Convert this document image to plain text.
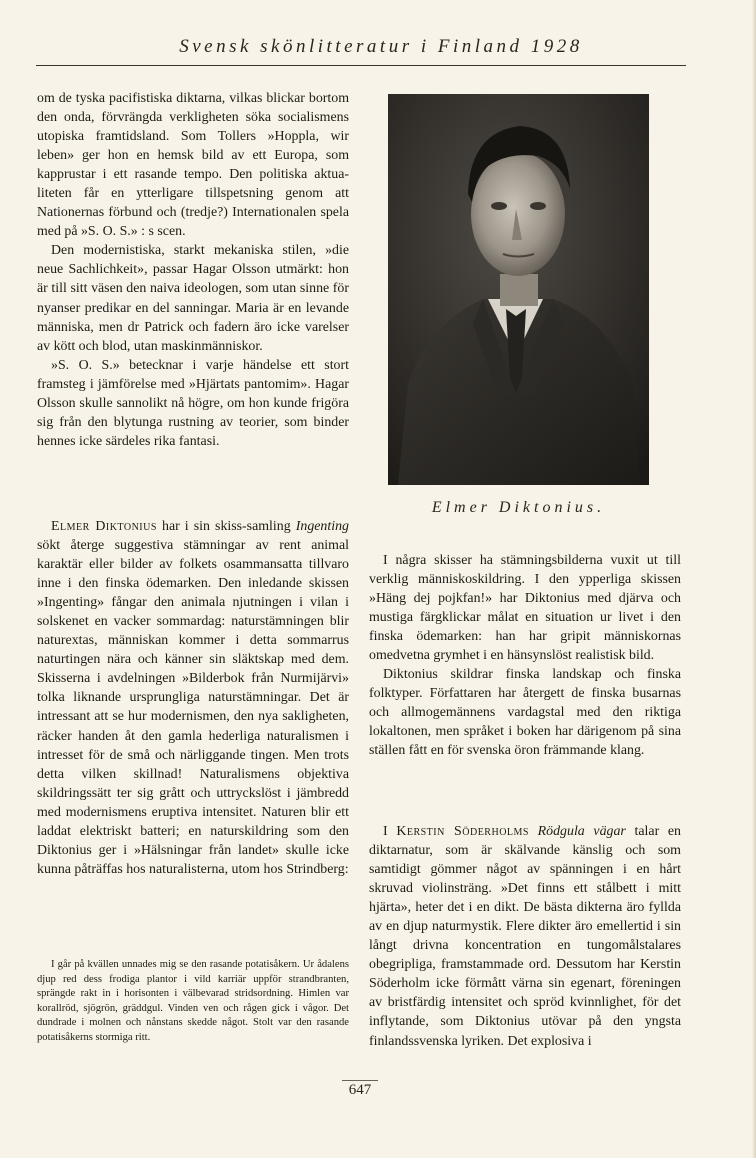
Svensk skönlitteratur i Finland 1928

om de tyska pacifistiska diktarna, vilkas blickar bortom den onda, förvrängda verkligheten söka socialismens utopiska framtidsland. Som Tollers »Hoppla, wir leben» ger hon en hemsk bild av ett Europa, som kapprustar i ett rasande tempo. Den politiska aktualiteten får en ytterligare tillspetsning genom att Nationernas förbund och (tredje?) Internationalen spela med på »S. O. S.» : s scen.

Den modernistiska, starkt mekaniska stilen, »die neue Sachlichkeit», passar Hagar Olsson utmärkt: hon är till sitt väsen den naiva ideologen, som utan sinne för nyanser predikar en del sanningar. Maria är en levande människa, men dr Patrick och fadern äro icke varelser av kött och blod, utan maskinmänniskor.

»S. O. S.» betecknar i varje händelse ett stort framsteg i jämförelse med »Hjärtats pantomim». Hagar Olsson skulle sannolikt nå högre, om hon kunde frigöra sig från den blytunga rustning av teorier, som binder hennes icke särdeles rika fantasi.

Elmer Diktonius har i sin skiss-samling Ingenting sökt återge suggestiva stämningar av rent animal karaktär eller bilder av folkets osammansatta tillvaro inne i den finska ödemarken. Den inledande skissen »Ingenting» fångar den animala njutningen i vilan i solskenet en vacker sommardag: naturstämningen blir naturextas, människan kommer i detta sommarrus naturtingen nära och känner sin släktskap med dem. Skisserna i avdelningen »Bilderbok från Nurmijärvi» tolka liknande ursprungliga naturstämningar. Det är intressant att se hur modernismen, den nya sakligheten, räcker handen åt den gamla hederliga naturalismen i intresset för de små och närliggande tingen. Men trots detta vilken skillnad! Naturalismens objektiva skildringssätt ter sig grått och uttryckslöst i jämbredd med modernismens eruptiva intensitet. Naturen blir ett laddat elektriskt batteri; en naturskildring som den Diktonius ger i »Hälsningar från landet» skulle icke kunna påträffas hos naturalisterna, utom hos Strindberg:

I går på kvällen unnades mig se den rasande potatisåkern. Ur ådalens djup red dess frodiga plantor i vild karriär uppför strandbranten, sprängde rakt in i horisonten i välbevarad stridsordning. Himlen var korallröd, sjögrön, gräddgul. Vinden ven och rågen gick i vågor. Det dundrade i molnen och nånstans skedde något. Stolt var den rasande potatisåkerns stormiga ritt.

Elmer Diktonius.

I några skisser ha stämningsbilderna vuxit ut till verklig människoskildring. I den ypperliga skissen »Häng dej pojkfan!» har Diktonius med djärva och mustiga färgklickar målat en situation ur livet i den finska ödemarken: han har gripit människornas omedvetna grymhet i en hänsynslöst realistisk bild.

Diktonius skildrar finska landskap och finska folktyper. Författaren har återgett de finska busarnas och allmogemännens vardagstal med den riktiga lokaltonen, men språket i boken har därigenom på sina ställen fått en för svenska öron främmande klang.

I Kerstin Söderholms Rödgula vägar talar en diktarnatur, som är skälvande känslig och som samtidigt gömmer något av spänningen i en hårt skruvad violinsträng. »Det finns ett stålbett i mitt hjärta», heter det i en dikt. De bästa dikterna äro fyllda av en djup naturmystik. Flere dikter äro emellertid i sin långt drivna koncentration en tungomålstalares obegripliga, framstammade ord. Dessutom har Kerstin Söderholm icke förmått värna sin egenart, föreningen av bristfärdig intensitet och spröd kvinnlighet, för det inflytande, som Diktonius utövar på den yngsta finlandssvenska lyriken. Det explosiva i

647
